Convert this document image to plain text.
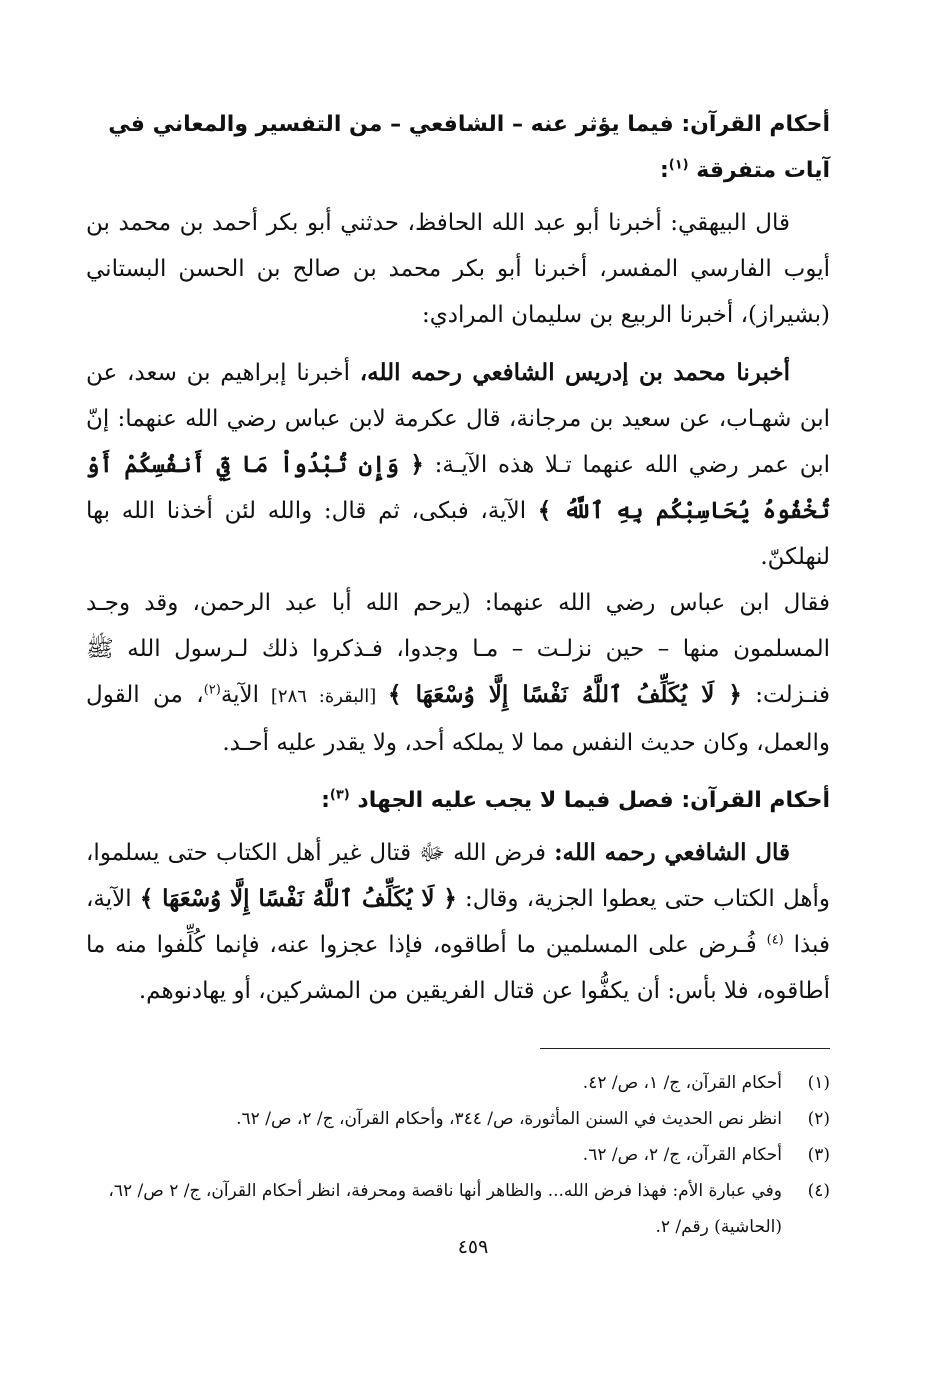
أحكام القرآن: فيما يؤثر عنه – الشافعي – من التفسير والمعاني في آيات متفرقة $^{(١)}$:

قال البيهقي: أخبرنا أبو عبد الله الحافظ، حدثني أبو بكر أحمد بن محمد بن أيوب الفارسي المفسر، أخبرنا أبو بكر محمد بن صالح بن الحسن البستاني (بشيراز)، أخبرنا الربيع بن سليمان المرادي:

أخبرنا محمد بن إدريس الشافعي رحمه الله، أخبرنا إبراهيم بن سعد، عن ابن شهـاب، عن سعيد بن مرجانة، قال عكرمة لابن عباس رضي الله عنهما: إنّ ابن عمر رضي الله عنهما تـلا هذه الآيـة: ﴿ وَإِن تُبْدُواْ مَا فِيٓ أَنفُسِكُمْ أَوْ تُخْفُوهُ يُحَاسِبْكُم بِهِ ٱللَّهُ ﴾ الآية، فبكى، ثم قال: والله لئن أخذنا الله بها لنهلكنّ.

فقال ابن عباس رضي الله عنهما: (يرحم الله أبا عبد الرحمن، وقد وجـد المسلمون منها – حين نزلـت – مـا وجدوا، فـذكروا ذلك لـرسول الله ﷺ فنـزلت: ﴿ لَا يُكَلِّفُ ٱللَّهُ نَفْسًا إِلَّا وُسْعَهَا ﴾ [البقرة: ٢٨٦] الآية$^{(٢)}$، من القول والعمل، وكان حديث النفس مما لا يملكه أحد، ولا يقدر عليه أحـد.

أحكام القرآن: فصل فيما لا يجب عليه الجهاد $^{(٣)}$:

قال الشافعي رحمه الله: فرض الله ﷻ قتال غير أهل الكتاب حتى يسلموا، وأهل الكتاب حتى يعطوا الجزية، وقال: ﴿ لَا يُكَلِّفُ ٱللَّهُ نَفْسًا إِلَّا وُسْعَهَا ﴾ الآية، فبذا $^{(٤)}$ فُـرض على المسلمين ما أطاقوه، فإذا عجزوا عنه، فإنما كُلِّفوا منه ما أطاقوه، فلا بأس: أن يكفُّوا عن قتال الفريقين من المشركين، أو يهادنوهم.

(١)
أحكام القرآن، ج/ ١، ص/ ٤٢.

(٢)
انظر نص الحديث في السنن المأثورة، ص/ ٣٤٤، وأحكام القرآن، ج/ ٢، ص/ ٦٢.

(٣)
أحكام القرآن، ج/ ٢، ص/ ٦٢.

(٤)
وفي عبارة الأم: فهذا فرض الله... والظاهر أنها ناقصة ومحرفة، انظر أحكام القرآن، ج/ ٢ ص/ ٦٢، (الحاشية) رقم/ ٢.

٤٥٩
